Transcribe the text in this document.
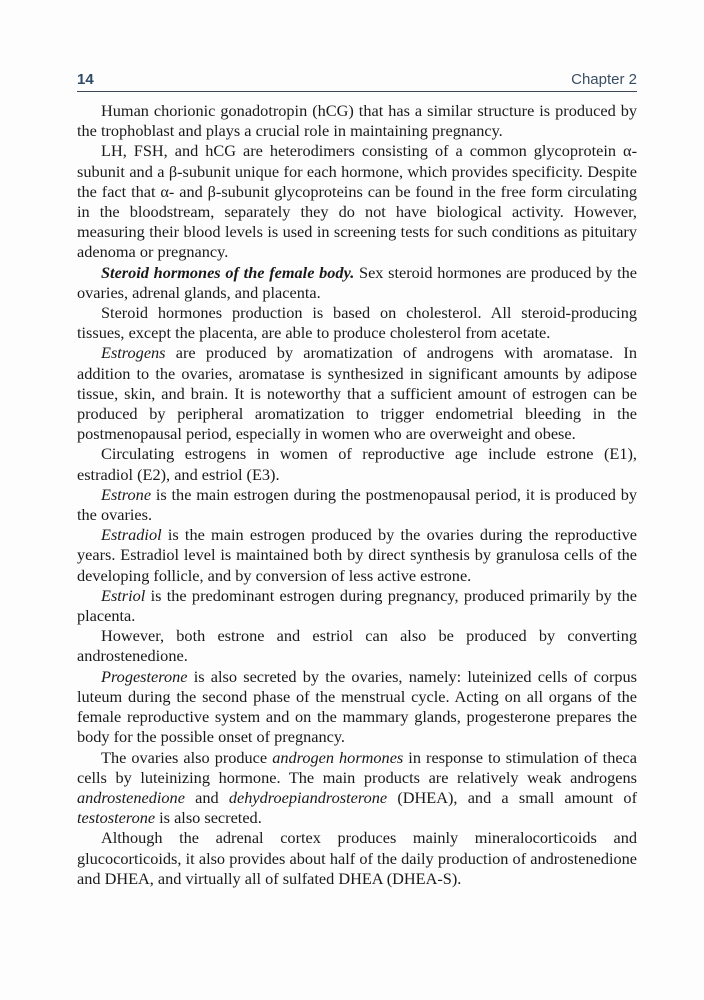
14	Chapter 2

Human chorionic gonadotropin (hCG) that has a similar structure is produced by the trophoblast and plays a crucial role in maintaining pregnancy.

LH, FSH, and hCG are heterodimers consisting of a common glycoprotein α-subunit and a β-subunit unique for each hormone, which provides specificity. Despite the fact that α- and β-subunit glycoproteins can be found in the free form circulating in the bloodstream, separately they do not have biological activity. However, measuring their blood levels is used in screening tests for such conditions as pituitary adenoma or pregnancy.

Steroid hormones of the female body. Sex steroid hormones are produced by the ovaries, adrenal glands, and placenta.

Steroid hormones production is based on cholesterol. All steroid-producing tissues, except the placenta, are able to produce cholesterol from acetate.

Estrogens are produced by aromatization of androgens with aromatase. In addition to the ovaries, aromatase is synthesized in significant amounts by adipose tissue, skin, and brain. It is noteworthy that a sufficient amount of estrogen can be produced by peripheral aromatization to trigger endometrial bleeding in the postmenopausal period, especially in women who are overweight and obese.

Circulating estrogens in women of reproductive age include estrone (E1), estradiol (E2), and estriol (E3).

Estrone is the main estrogen during the postmenopausal period, it is produced by the ovaries.

Estradiol is the main estrogen produced by the ovaries during the reproductive years. Estradiol level is maintained both by direct synthesis by granulosa cells of the developing follicle, and by conversion of less active estrone.

Estriol is the predominant estrogen during pregnancy, produced primarily by the placenta.

However, both estrone and estriol can also be produced by converting androstenedione.

Progesterone is also secreted by the ovaries, namely: luteinized cells of corpus luteum during the second phase of the menstrual cycle. Acting on all organs of the female reproductive system and on the mammary glands, progesterone prepares the body for the possible onset of pregnancy.

The ovaries also produce androgen hormones in response to stimulation of theca cells by luteinizing hormone. The main products are relatively weak androgens androstenedione and dehydroepiandrosterone (DHEA), and a small amount of testosterone is also secreted.

Although the adrenal cortex produces mainly mineralocorticoids and glucocorticoids, it also provides about half of the daily production of androstenedione and DHEA, and virtually all of sulfated DHEA (DHEA-S).
